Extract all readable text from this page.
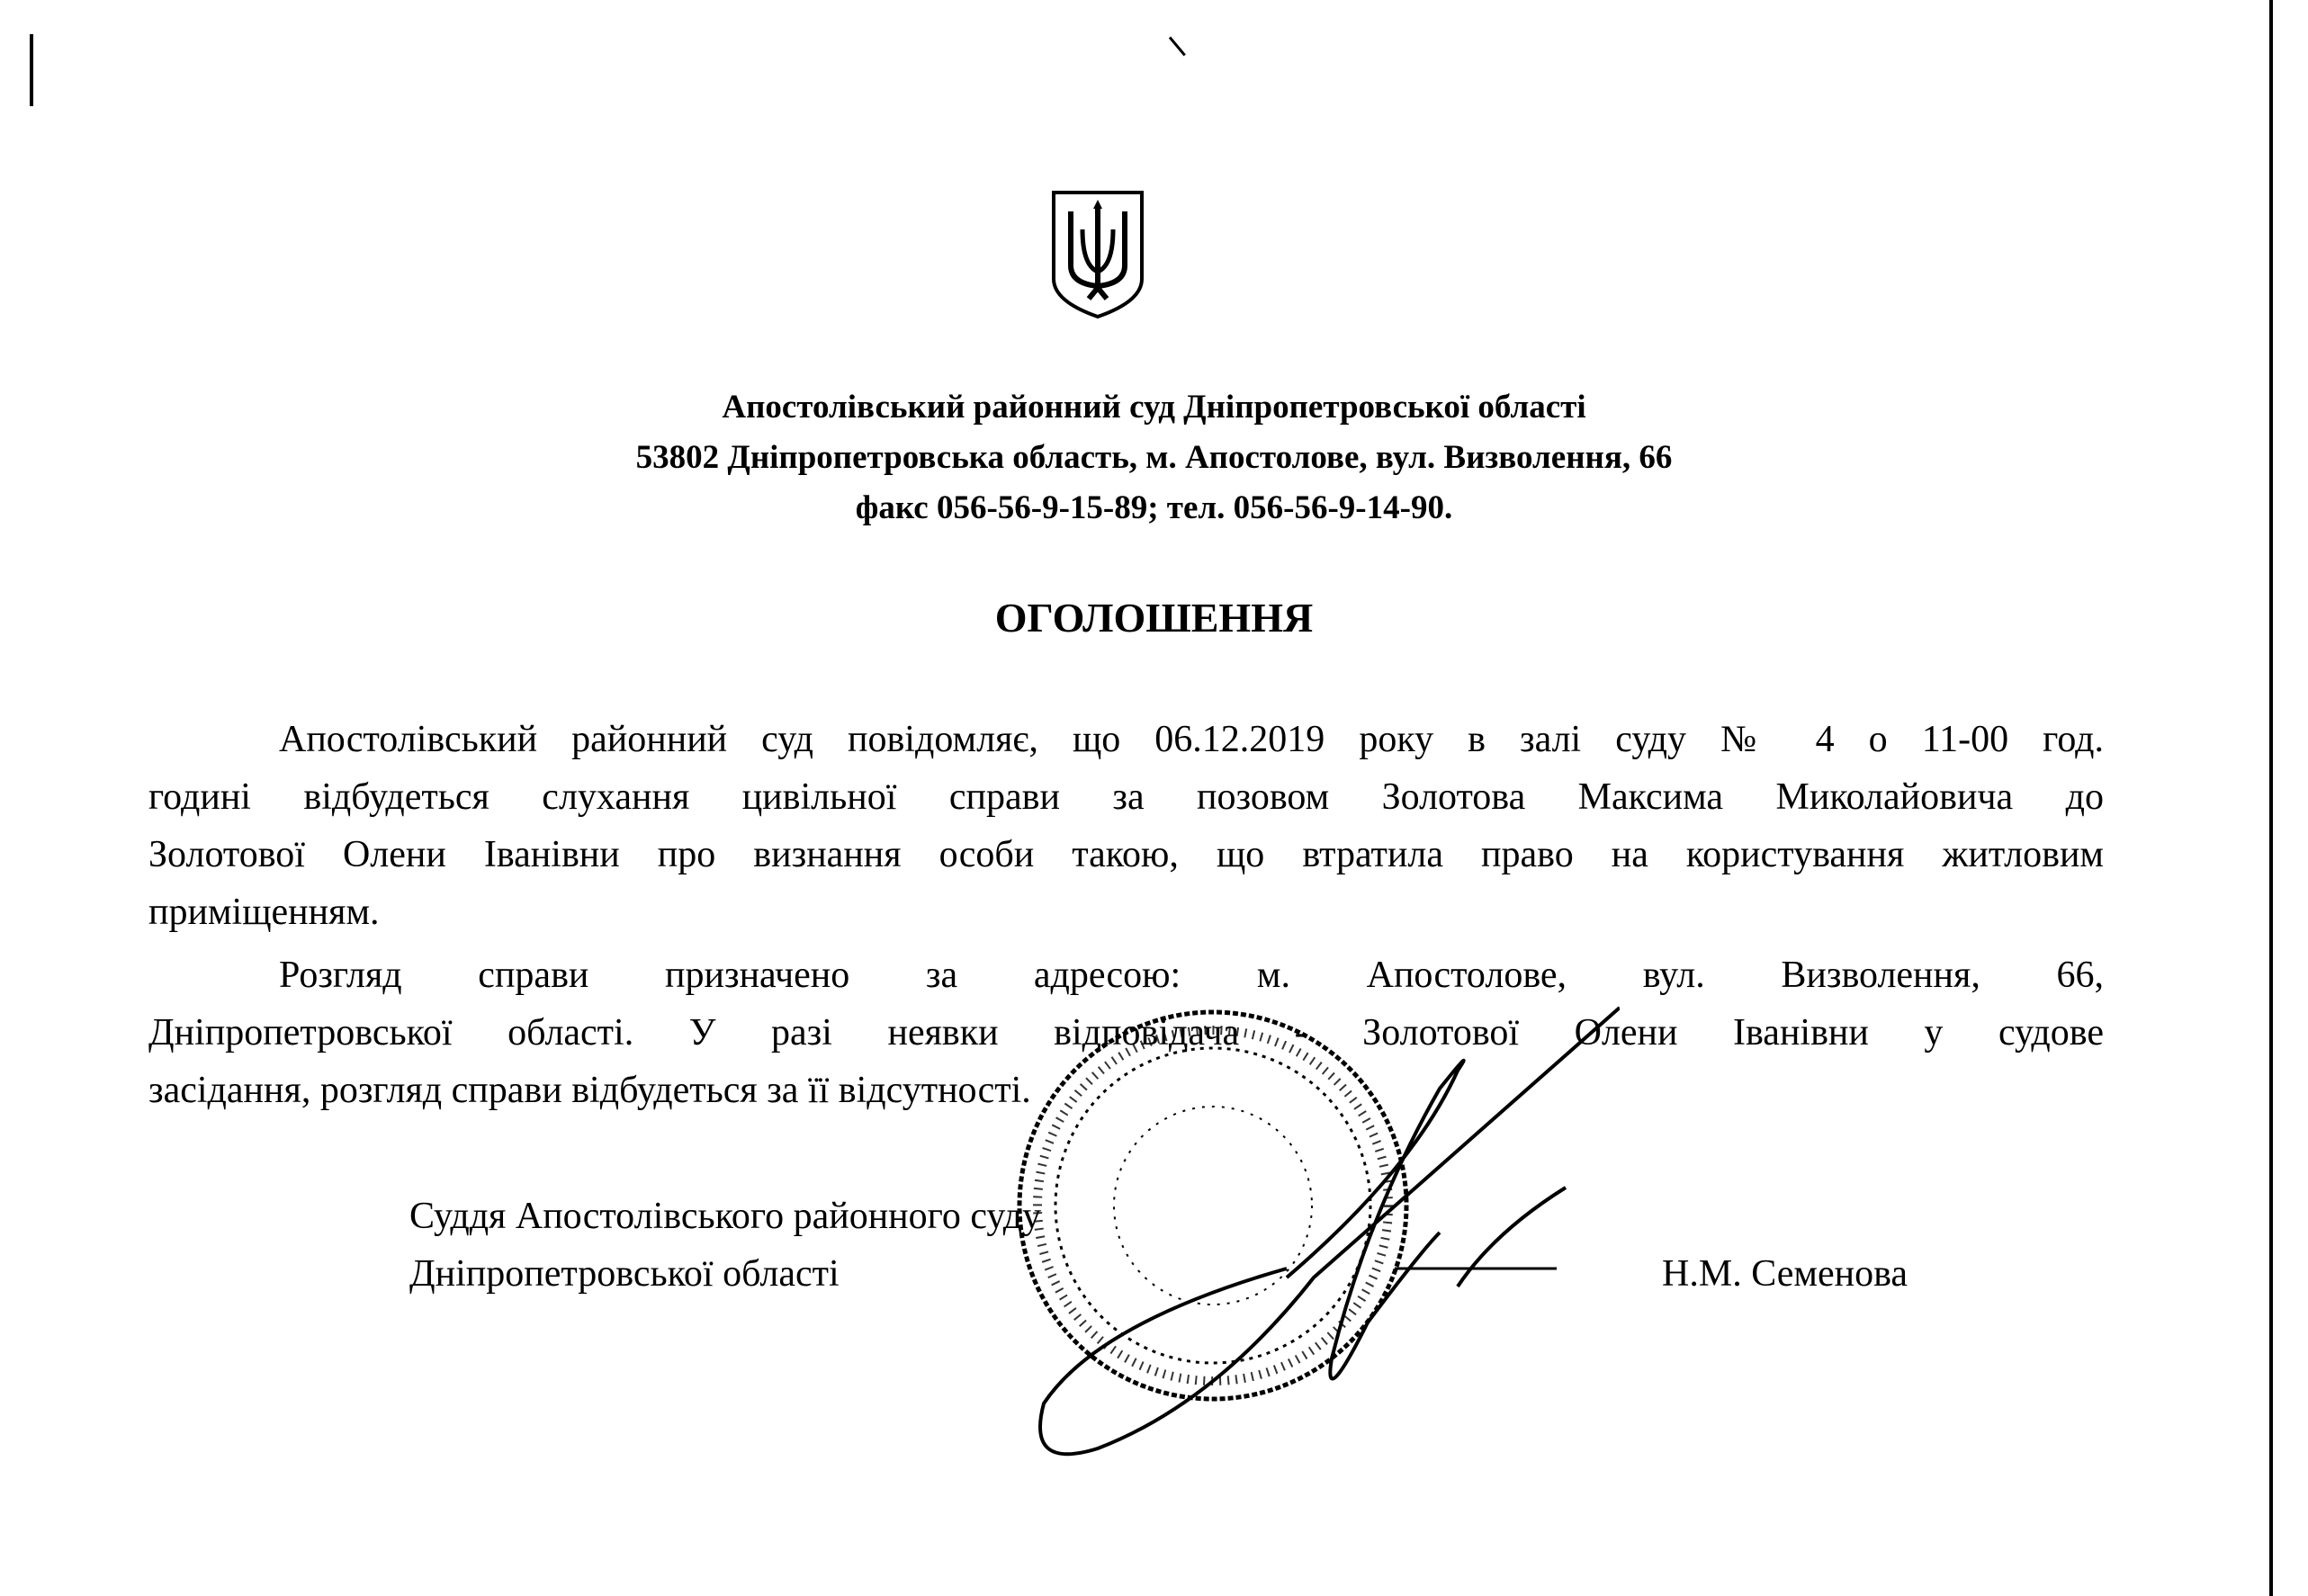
Апостолівський районний суд Дніпропетровської області
53802 Дніпропетровська область, м. Апостолове, вул. Визволення, 66
факс 056-56-9-15-89; тел. 056-56-9-14-90.
ОГОЛОШЕННЯ
Апостолівський районний суд повідомляє, що 06.12.2019 року в залі суду № 4 о 11-00 год.
годині відбудеться слухання цивільної справи за позовом Золотова Максима Миколайовича до
Золотової Олени Іванівни про визнання особи такою, що втратила право на користування житловим
приміщенням.
Розгляд справи призначено за адресою: м. Апостолове, вул. Визволення, 66,
Дніпропетровської області. У разі неявки відповідача - Золотової Олени Іванівни у судове
засідання, розгляд справи відбудеться за її відсутності.
Суддя Апостолівського районного суду
Дніпропетровської області	Н.М. Семенова
